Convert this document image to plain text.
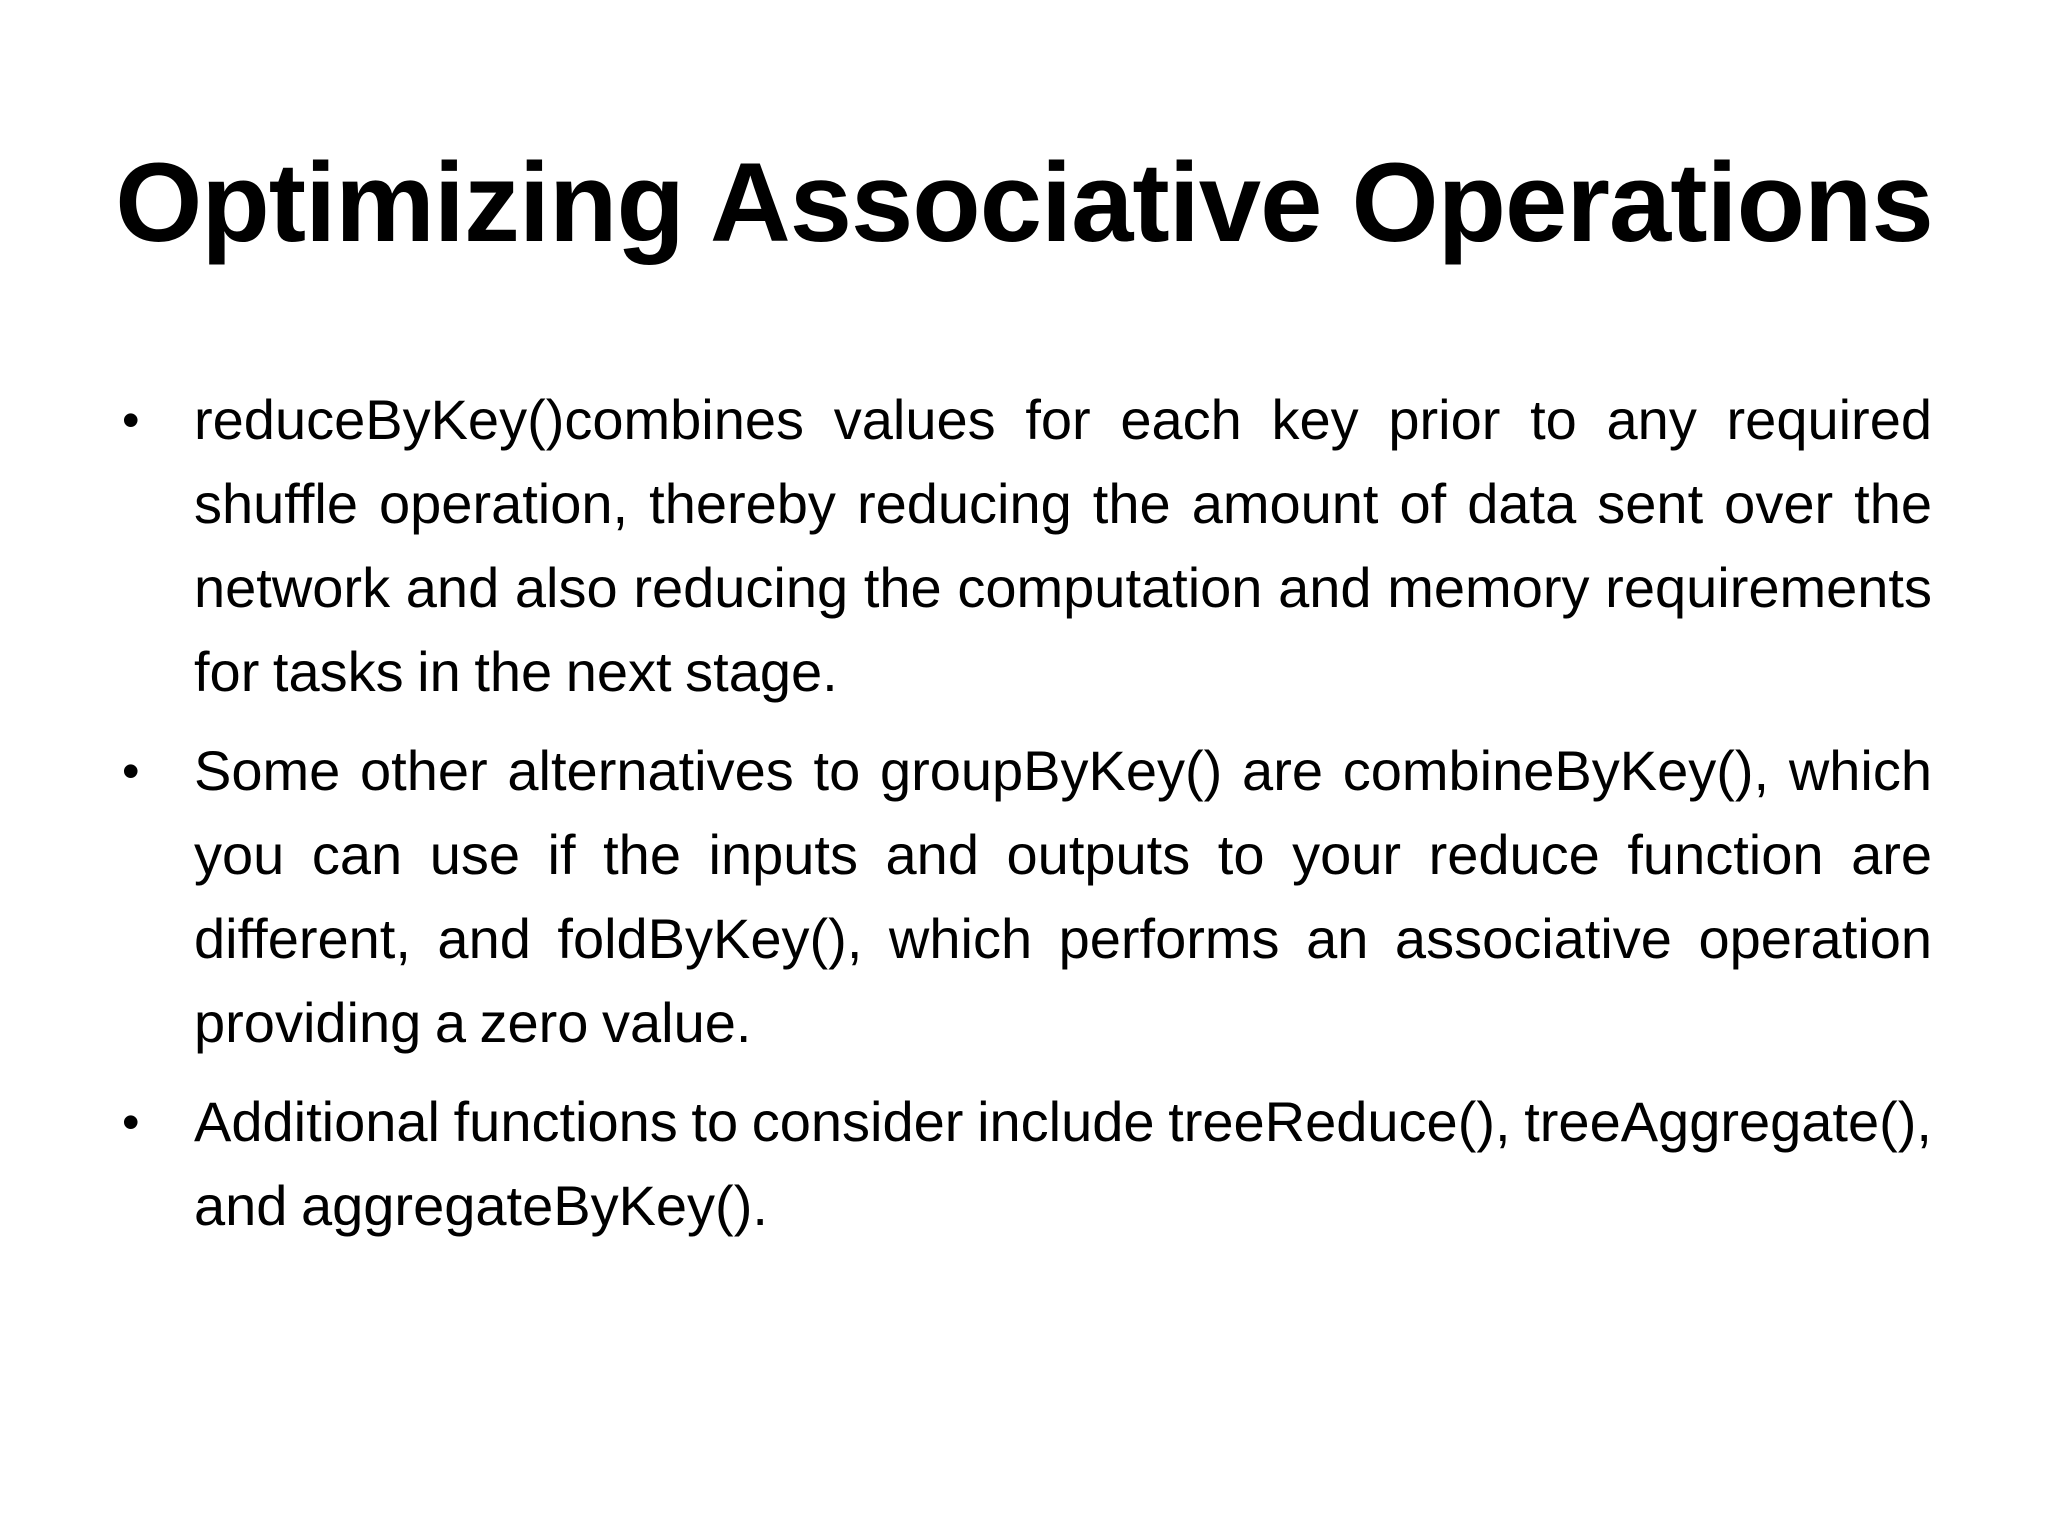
Optimizing Associative Operations
• reduceByKey()combines values for each key prior to any required shuffle operation, thereby reducing the amount of data sent over the network and also reducing the computation and memory requirements for tasks in the next stage.
• Some other alternatives to groupByKey() are combineByKey(), which you can use if the inputs and outputs to your reduce function are different, and foldByKey(), which performs an associative operation providing a zero value.
• Additional functions to consider include treeReduce(), treeAggregate(), and aggregateByKey().
